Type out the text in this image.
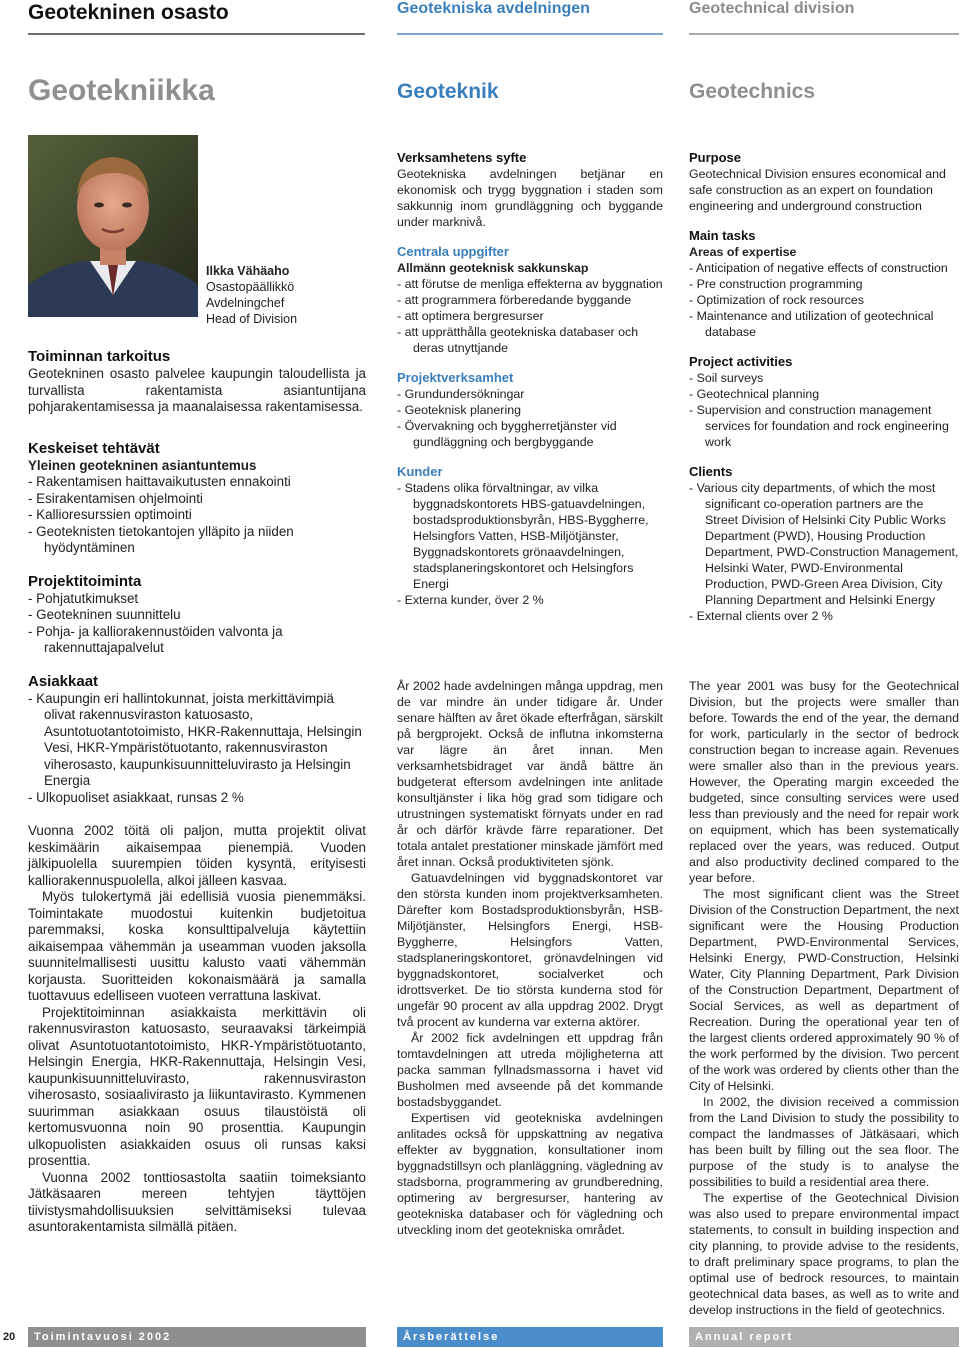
Geotekninen osasto	Geotekniska avdelningen	Geotechnical division
Geotekniikka	Geoteknik	Geotechnics
Ilkka Vähäaho
Osastopäällikkö
Avdelningchef
Head of Division
Toiminnan tarkoitus
Geotekninen osasto palvelee kaupungin taloudellista ja turvallista rakentamista asiantuntijana pohjarakentamisessa ja maanalaisessa rakentamisessa.
Keskeiset tehtävät
Yleinen geotekninen asiantuntemus
- Rakentamisen haittavaikutusten ennakointi
- Esirakentamisen ohjelmointi
- Kallioresurssien optimointi
- Geoteknisten tietokantojen ylläpito ja niiden hyödyntäminen
Projektitoiminta
- Pohjatutkimukset
- Geotekninen suunnittelu
- Pohja- ja kalliorakennustöiden valvonta ja rakennuttajapalvelut
Asiakkaat
- Kaupungin eri hallintokunnat, joista merkittävimpiä olivat rakennusviraston katuosasto, Asuntotuotantotoimisto, HKR-Rakennuttaja, Helsingin Vesi, HKR-Ympäristötuotanto, rakennusviraston viherosasto, kaupunkisuunnitteluvirasto ja Helsingin Energia
- Ulkopuoliset asiakkaat, runsas 2 %
Vuonna 2002 töitä oli paljon, mutta projektit olivat keskimäärin aikaisempaa pienempiä. Vuoden jälkipuolella suurempien töiden kysyntä, erityisesti kalliorakennuspuolella, alkoi jälleen kasvaa.
Myös tulokertymä jäi edellisiä vuosia pienemmäksi. Toimintakate muodostui kuitenkin budjetoitua paremmaksi, koska konsulttipalveluja käytettiin aikaisempaa vähemmän ja useamman vuoden jaksolla suunnitelmallisesti uusittu kalusto vaati vähemmän korjausta. Suoritteiden kokonaismäärä ja samalla tuottavuus edelliseen vuoteen verrattuna laskivat.
Projektitoiminnan asiakkaista merkittävin oli rakennusviraston katuosasto, seuraavaksi tärkeimpiä olivat Asuntotuotantotoimisto, HKR-Ympäristötuotanto, Helsingin Energia, HKR-Rakennuttaja, Helsingin Vesi, kaupunkisuunnitteluvirasto, rakennusviraston viherosasto, sosiaalivirasto ja liikuntavirasto. Kymmenen suurimman asiakkaan osuus tilaustöistä oli kertomusvuonna noin 90 prosenttia. Kaupungin ulkopuolisten asiakkaiden osuus oli runsas kaksi prosenttia.
Vuonna 2002 tonttiosastolta saatiin toimeksianto Jätkäsaaren mereen tehtyjen täyttöjen tiivistysmahdollisuuksien selvittämiseksi tulevaa asuntorakentamista silmällä pitäen.
Verksamhetens syfte
Geotekniska avdelningen betjänar en ekonomisk och trygg byggnation i staden som sakkunnig inom grundläggning och byggande under marknivå.
Centrala uppgifter
Allmänn geoteknisk sakkunskap
- att förutse de menliga effekterna av byggnation
- att programmera förberedande byggande
- att optimera bergresurser
- att upprätthålla geotekniska databaser och deras utnyttjande
Projektverksamhet
- Grundundersökningar
- Geoteknisk planering
- Övervakning och byggherretjänster vid gundläggning och bergbyggande
Kunder
- Stadens olika förvaltningar, av vilka byggnadskontorets HBS-gatuavdelningen, bostadsproduktionsbyrån, HBS-Byggherre, Helsingfors Vatten, HSB-Miljötjänster, Byggnadskontorets grönaavdelningen, stadsplaneringskontoret och Helsingfors Energi
- Externa kunder, över 2 %
År 2002 hade avdelningen många uppdrag, men de var mindre än under tidigare år. Under senare hälften av året ökade efterfrågan, särskilt på bergprojekt. Också de influtna inkomsterna var lägre än året innan. Men verksamhetsbidraget var ändå bättre än budgeterat eftersom avdelningen inte anlitade konsultjänster i lika hög grad som tidigare och utrustningen systematiskt förnyats under en rad år och därför krävde färre reparationer. Det totala antalet prestationer minskade jämfört med året innan. Också produktiviteten sjönk.
Gatuavdelningen vid byggnadskontoret var den största kunden inom projektverksamheten. Därefter kom Bostadsproduktionsbyrån, HSB-Miljötjänster, Helsingfors Energi, HSB-Byggherre, Helsingfors Vatten, stadsplaneringskontoret, grönavdelningen vid byggnadskontoret, socialverket och idrottsverket. De tio största kunderna stod för ungefär 90 procent av alla uppdrag 2002. Drygt två procent av kunderna var externa aktörer.
År 2002 fick avdelningen ett uppdrag från tomtavdelningen att utreda möjligheterna att packa samman fyllnadsmassorna i havet vid Busholmen med avseende på det kommande bostadsbyggandet.
Expertisen vid geotekniska avdelningen anlitades också för uppskattning av negativa effekter av byggnation, konsultationer inom byggnadstillsyn och planläggning, vägledning av stadsborna, programmering av grundberedning, optimering av bergresurser, hantering av geotekniska databaser och för vägledning och utveckling inom det geotekniska området.
Purpose
Geotechnical Division ensures economical and safe construction as an expert on foundation engineering and underground construction
Main tasks
Areas of expertise
- Anticipation of negative effects of construction
- Pre construction programming
- Optimization of rock resources
- Maintenance and utilization of geotechnical database
Project activities
- Soil surveys
- Geotechnical planning
- Supervision and construction management services for foundation and rock engineering work
Clients
- Various city departments, of which the most significant co-operation partners are the Street Division of Helsinki City Public Works Department (PWD), Housing Production Department, PWD-Construction Management, Helsinki Water, PWD-Environmental Production, PWD-Green Area Division, City Planning Department and Helsinki Energy
- External clients over 2 %
The year 2001 was busy for the Geotechnical Division, but the projects were smaller than before. Towards the end of the year, the demand for work, particularly in the sector of bedrock construction began to increase again. Revenues were smaller also than in the previous years. However, the Operating margin exceeded the budgeted, since consulting services were used less than previously and the need for repair work on equipment, which has been systematically replaced over the years, was reduced. Output and also productivity declined compared to the year before.
The most significant client was the Street Division of the Construction Department, the next significant were the Housing Production Department, PWD-Environmental Services, Helsinki Energy, PWD-Construction, Helsinki Water, City Planning Department, Park Division of the Construction Department, Department of Social Services, as well as department of Recreation. During the operational year ten of the largest clients ordered approximately 90 % of the work performed by the division. Two percent of the work was ordered by clients other than the City of Helsinki.
In 2002, the division received a commission from the Land Division to study the possibility to compact the landmasses of Jätkäsaari, which has been built by filling out the sea floor. The purpose of the study is to analyse the possibilities to build a residential area there.
The expertise of the Geotechnical Division was also used to prepare environmental impact statements, to consult in building inspection and city planning, to provide advise to the residents, to draft preliminary space programs, to plan the optimal use of bedrock resources, to maintain geotechnical data bases, as well as to write and develop instructions in the field of geotechnics.
20	Toimintavuosi 2002	Årsberättelse	Annual report
